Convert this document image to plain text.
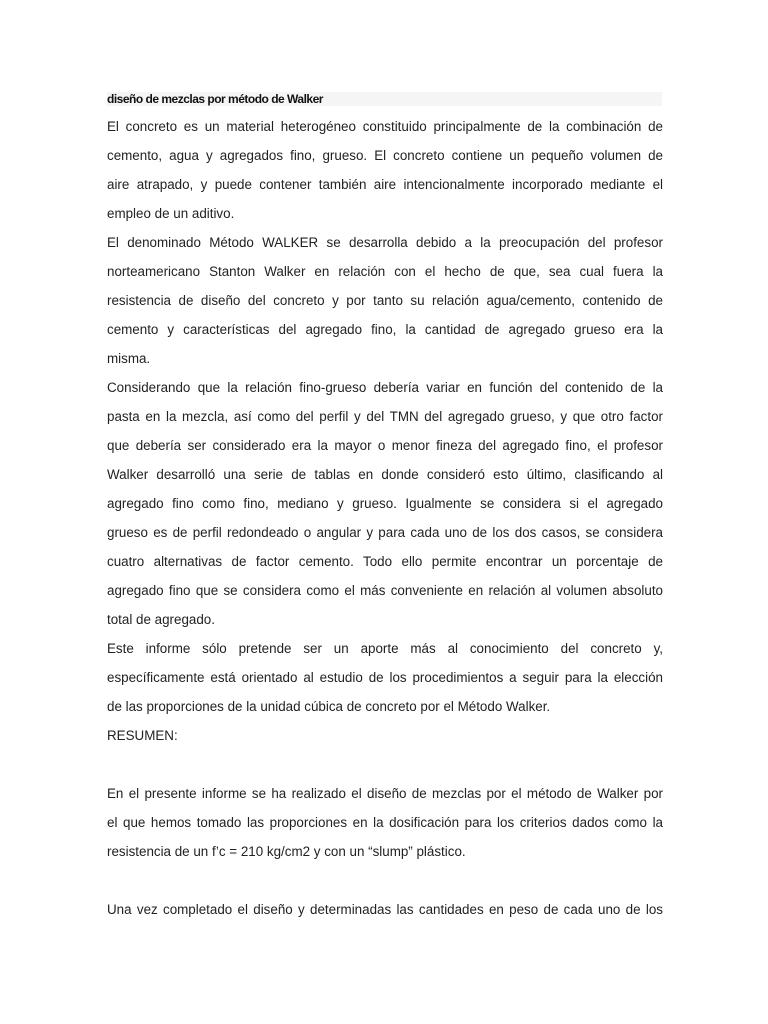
diseño de mezclas por método de Walker

El concreto es un material heterogéneo constituido principalmente de la combinación de
cemento, agua y agregados fino, grueso. El concreto contiene un pequeño volumen de
aire atrapado, y puede contener también aire intencionalmente incorporado mediante el
empleo de un aditivo.

El denominado Método WALKER se desarrolla debido a la preocupación del profesor
norteamericano Stanton Walker en relación con el hecho de que, sea cual fuera la
resistencia de diseño del concreto y por tanto su relación agua/cemento, contenido de
cemento y características del agregado fino, la cantidad de agregado grueso era la
misma.

Considerando que la relación fino-grueso debería variar en función del contenido de la
pasta en la mezcla, así como del perfil y del TMN del agregado grueso, y que otro factor
que debería ser considerado era la mayor o menor fineza del agregado fino, el profesor
Walker desarrolló una serie de tablas en donde consideró esto último, clasificando al
agregado fino como fino, mediano y grueso. Igualmente se considera si el agregado
grueso es de perfil redondeado o angular y para cada uno de los dos casos, se considera
cuatro alternativas de factor cemento. Todo ello permite encontrar un porcentaje de
agregado fino que se considera como el más conveniente en relación al volumen absoluto
total de agregado.

Este informe sólo pretende ser un aporte más al conocimiento del concreto y,
específicamente está orientado al estudio de los procedimientos a seguir para la elección
de las proporciones de la unidad cúbica de concreto por el Método Walker.

RESUMEN:

En el presente informe se ha realizado el diseño de mezclas por el método de Walker por
el que hemos tomado las proporciones en la dosificación para los criterios dados como la
resistencia de un f’c = 210 kg/cm2 y con un “slump” plástico.

Una vez completado el diseño y determinadas las cantidades en peso de cada uno de los
